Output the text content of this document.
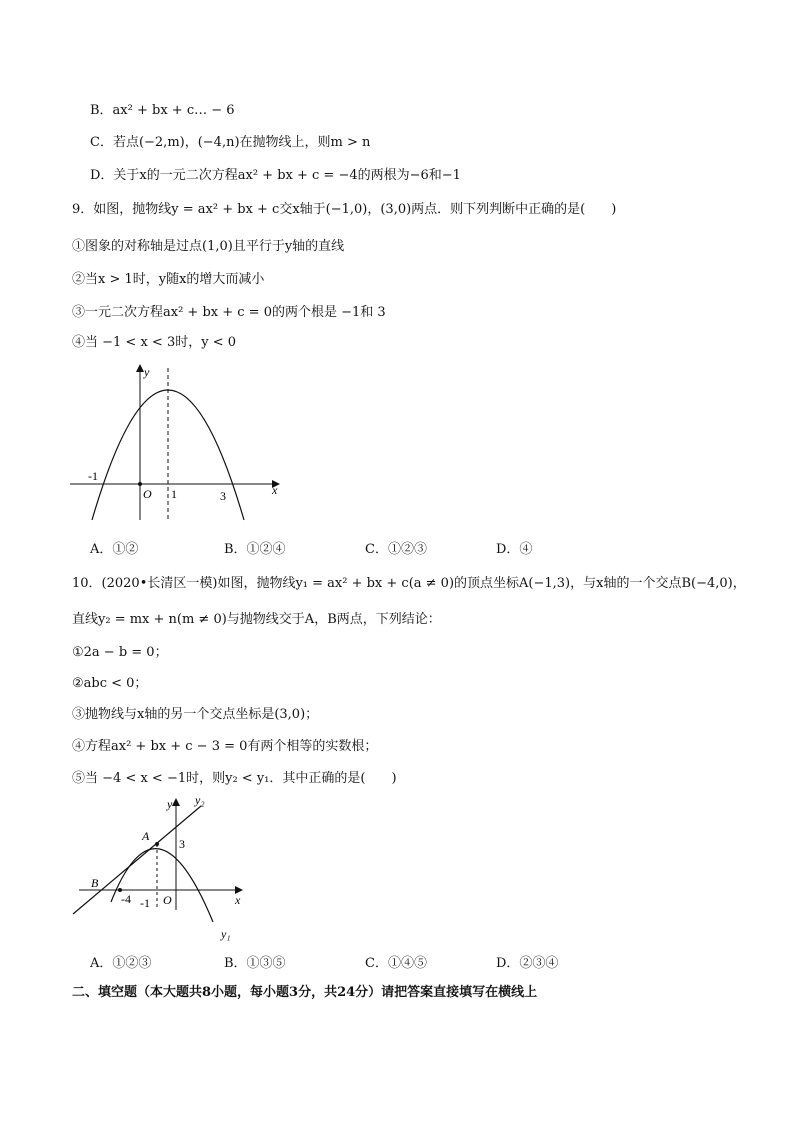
B．ax² + bx + c… − 6
C．若点(−2,m)，(−4,n)在抛物线上，则m > n
D．关于x的一元二次方程ax² + bx + c = −4的两根为−6和−1
9．如图，抛物线y = ax² + bx + c交x轴于(−1,0)，(3,0)两点．则下列判断中正确的是(　　)
①图象的对称轴是过点(1,0)且平行于y轴的直线
②当x > 1时，y随x的增大而减小
③一元二次方程ax² + bx + c = 0的两个根是 −1和 3
④当 −1 < x < 3时，y < 0
y
x
O
-1
1	3
A．①②	B．①②④	C．①②③	D．④
10．(2020•长清区一模)如图，抛物线y₁ = ax² + bx + c(a ≠ 0)的顶点坐标A(−1,3)，与x轴的一个交点B(−4,0)，
直线y₂ = mx + n(m ≠ 0)与抛物线交于A，B两点，下列结论：
①2a − b = 0；
②abc < 0；
③抛物线与x轴的另一个交点坐标是(3,0)；
④方程ax² + bx + c − 3 = 0有两个相等的实数根；
⑤当 −4 < x < −1时，则y₂ < y₁．其中正确的是(　　)
y y₂
A
3
B
-4 -1 O	x
y₁
A．①②③	B．①③⑤	C．①④⑤	D．②③④
二、填空题（本大题共8小题，每小题3分，共24分）请把答案直接填写在横线上
